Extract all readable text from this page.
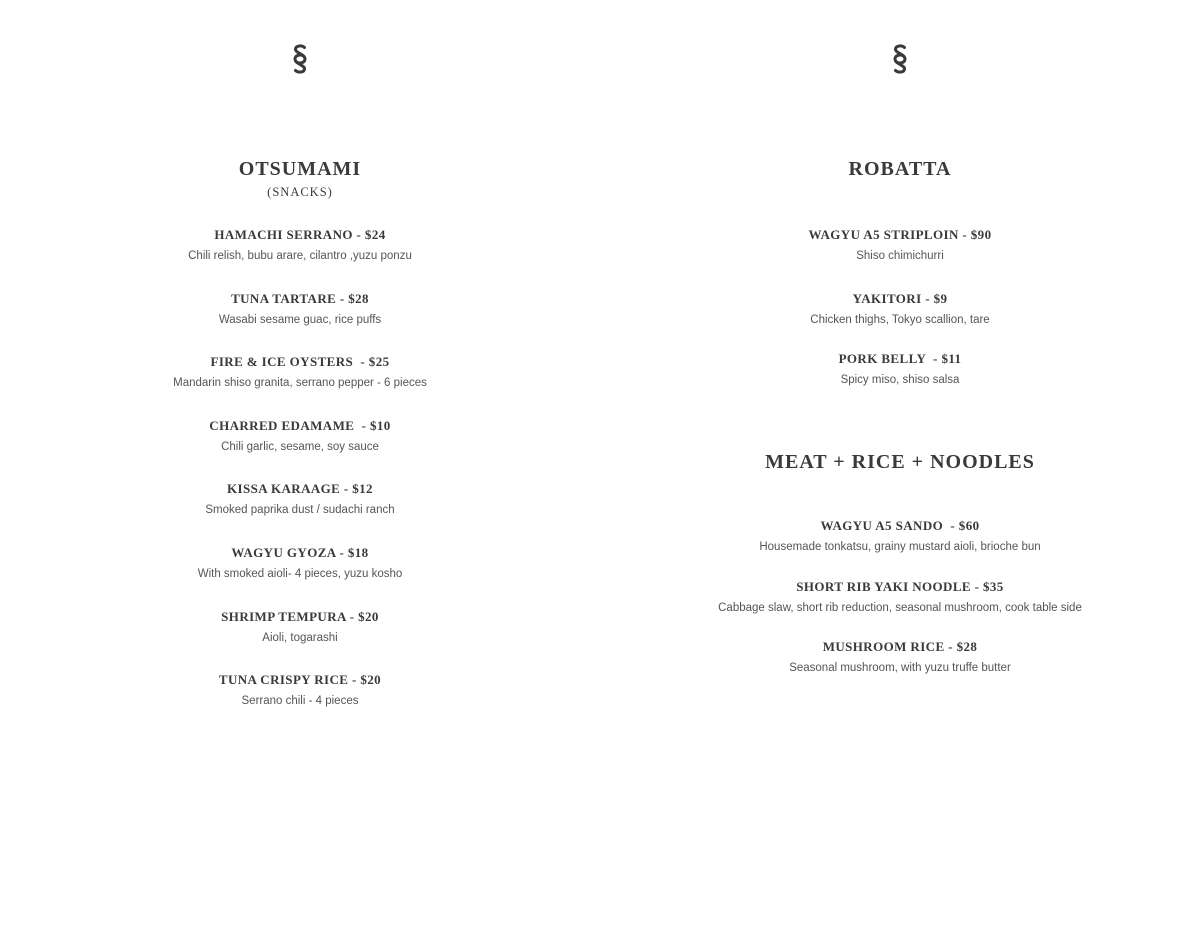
OTSUMAMI
(SNACKS)
HAMACHI SERRANO - $24
Chili relish, bubu arare, cilantro ,yuzu ponzu
TUNA TARTARE - $28
Wasabi sesame guac, rice puffs
FIRE & ICE OYSTERS  - $25
Mandarin shiso granita, serrano pepper - 6 pieces
CHARRED EDAMAME  - $10
Chili garlic, sesame, soy sauce
KISSA KARAAGE - $12
Smoked paprika dust / sudachi ranch
WAGYU GYOZA - $18
With smoked aioli- 4 pieces, yuzu kosho
SHRIMP TEMPURA - $20
Aioli, togarashi
TUNA CRISPY RICE - $20
Serrano chili - 4 pieces
ROBATTA
WAGYU A5 STRIPLOIN - $90
Shiso chimichurri
YAKITORI - $9
Chicken thighs, Tokyo scallion, tare
PORK BELLY  - $11
Spicy miso, shiso salsa
MEAT + RICE + NOODLES
WAGYU A5 SANDO  - $60
Housemade tonkatsu, grainy mustard aioli, brioche bun
SHORT RIB YAKI NOODLE - $35
Cabbage slaw, short rib reduction, seasonal mushroom, cook table side
MUSHROOM RICE - $28
Seasonal mushroom, with yuzu truffe butter
